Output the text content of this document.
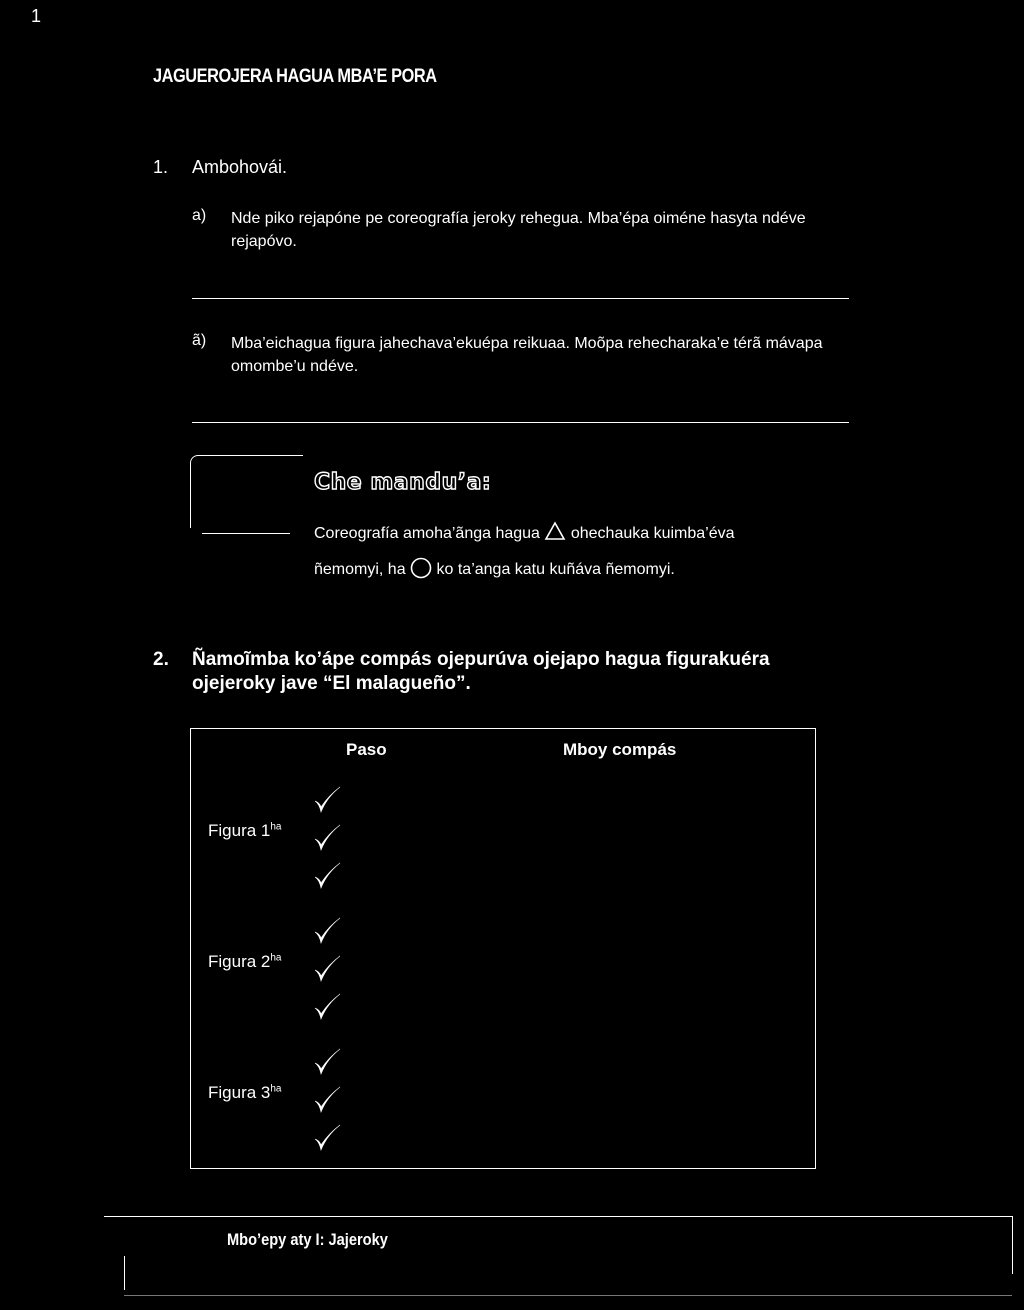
1
JAGUEROJERA HAGUA MBA’E PORA
1. Ambohovái.
a) Nde piko rejapóne pe coreografía jeroky rehegua. Mba’épa oiméne hasyta ndéve rejapóvo.
ã) Mba’eichagua figura jahechava’ekuépa reikuaa. Moõpa rehecharaka’e térã mávapa omombe’u ndéve.
Che mandu’a:
Coreografía amoha’ãnga hagua ohechauka kuimba’éva
ñemomyi, ha ko ta’anga katu kuñáva ñemomyi.
2. Ñamoĩmba ko’ápe compás ojepurúva ojejapo hagua figurakuéra
ojejeroky jave “El malagueño”.
Paso	Mboy compás
Figura $1^{ha}$
Figura $2^{ha}$
Figura $3^{ha}$
Mbo’epy aty I: Jajeroky
